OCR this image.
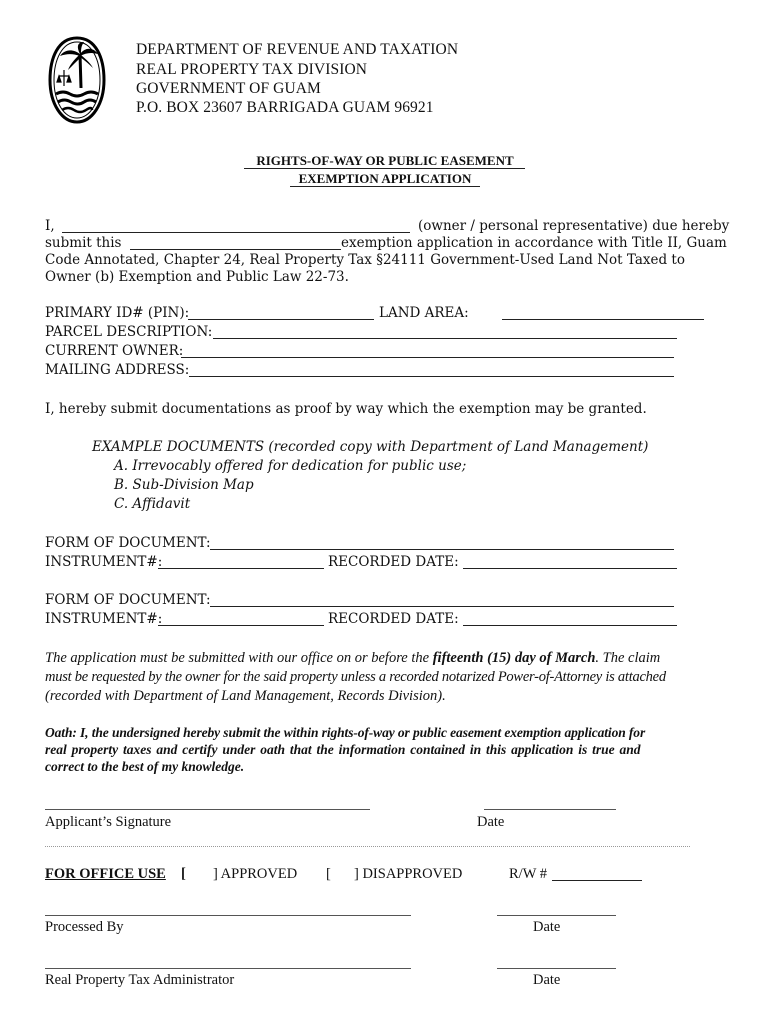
DEPARTMENT OF REVENUE AND TAXATION
REAL PROPERTY TAX DIVISION
GOVERNMENT OF GUAM
P.O. BOX 23607 BARRIGADA GUAM 96921
RIGHTS-OF-WAY OR PUBLIC EASEMENT
EXEMPTION APPLICATION
I,	(owner / personal representative) due hereby
submit this	exemption application in accordance with Title II, Guam
Code Annotated, Chapter 24, Real Property Tax §24111 Government-Used Land Not Taxed to
Owner (b) Exemption and Public Law 22-73.
PRIMARY ID# (PIN):	LAND AREA:
PARCEL DESCRIPTION:
CURRENT OWNER:
MAILING ADDRESS:
I, hereby submit documentations as proof by way which the exemption may be granted.
EXAMPLE DOCUMENTS (recorded copy with Department of Land Management)
A. Irrevocably offered for dedication for public use;
B. Sub-Division Map
C. Affidavit
FORM OF DOCUMENT:
INSTRUMENT#:	RECORDED DATE:
FORM OF DOCUMENT:
INSTRUMENT#:	RECORDED DATE:
The application must be submitted with our office on or before the fifteenth (15) day of March. The claim
must be requested by the owner for the said property unless a recorded notarized Power-of-Attorney is attached
(recorded with Department of Land Management, Records Division).
Oath: I, the undersigned hereby submit the within rights-of-way or public easement exemption application for
real property taxes and certify under oath that the information contained in this application is true and
correct to the best of my knowledge.
Applicant’s Signature	Date
FOR OFFICE USE [ ] APPROVED [ ] DISAPPROVED	R/W #
Processed By	Date
Real Property Tax Administrator	Date
